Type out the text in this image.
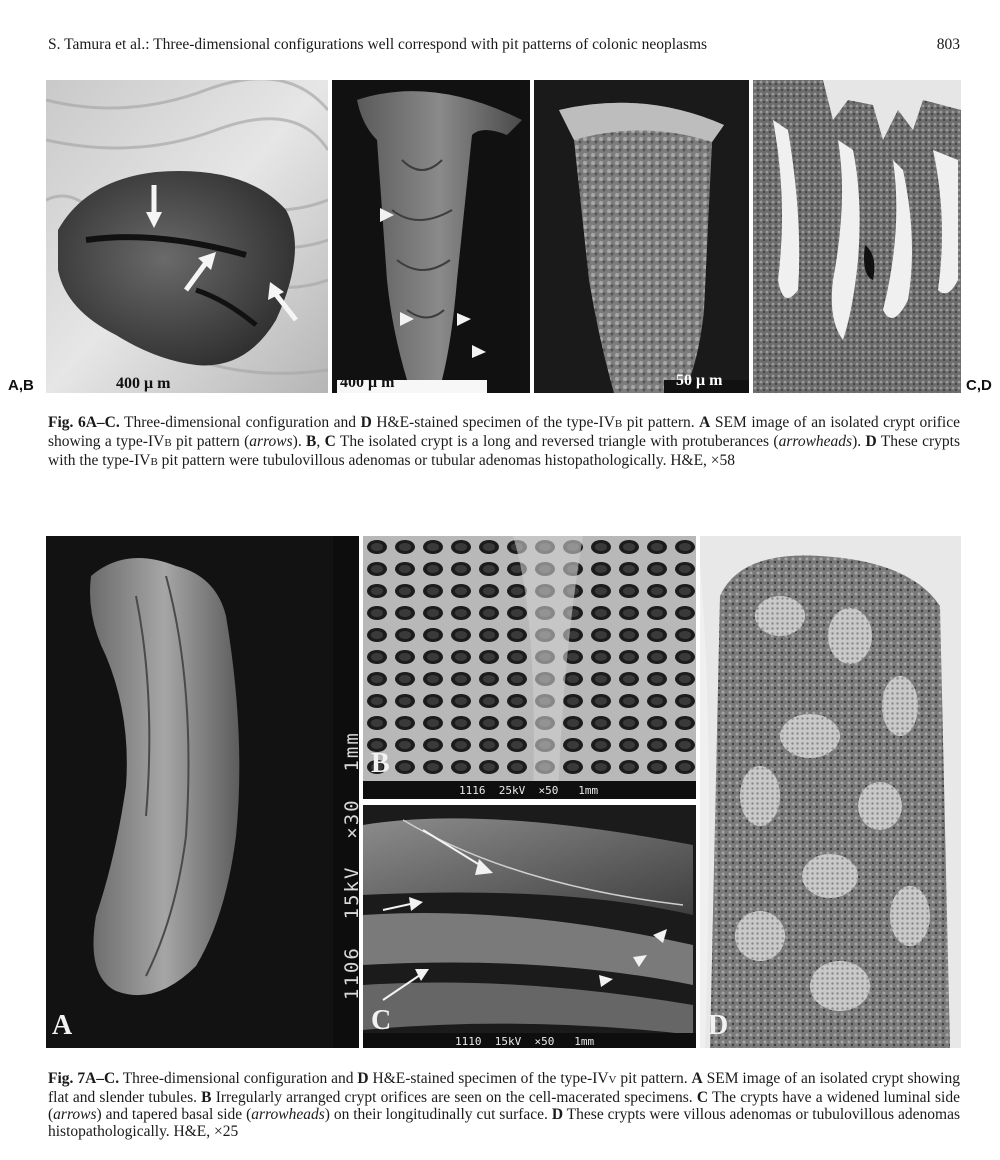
S. Tamura et al.: Three-dimensional configurations well correspond with pit patterns of colonic neoplasms	803
400 μ m	400 μ m	50 μ m
A,B	C,D
Fig. 6A–C. Three-dimensional configuration and D H&E-stained specimen of the type-IVB pit pattern. A SEM image of an isolated crypt orifice showing a type-IVB pit pattern (arrows). B, C The isolated crypt is a long and reversed triangle with protuberances (arrowheads). D These crypts with the type-IVB pit pattern were tubulovillous adenomas or tubular adenomas histopathologically. H&E, ×58
A
1106  15kV  ×30  1mm B
1116  25kV  ×50   1mm
C
1110  15kV  ×50   1mm
D
Fig. 7A–C. Three-dimensional configuration and D H&E-stained specimen of the type-IVV pit pattern. A SEM image of an isolated crypt showing flat and slender tubules. B Irregularly arranged crypt orifices are seen on the cell-macerated specimens. C The crypts have a widened luminal side (arrows) and tapered basal side (arrowheads) on their longitudinally cut surface. D These crypts were villous adenomas or tubulovillous adenomas histopathologically. H&E, ×25
